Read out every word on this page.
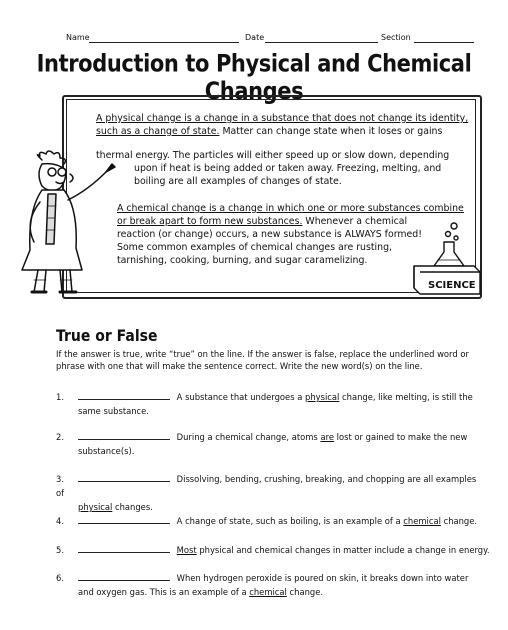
Name	Date	Section
Introduction to Physical and Chemical Changes
SCIENCE
A physical change is a change in a substance that does not change its identity, such as a change of state. Matter can change state when it loses or gains
thermal energy. The particles will either speed up or slow down, depending
upon if heat is being added or taken away. Freezing, melting, and
boiling are all examples of changes of state.
A chemical change is a change in which one or more substances combine
or break apart to form new substances. Whenever a chemical
reaction (or change) occurs, a new substance is ALWAYS formed!
Some common examples of chemical changes are rusting,
tarnishing, cooking, burning, and sugar caramelizing.
True or False
If the answer is true, write “true” on the line. If the answer is false, replace the underlined word or phrase with one that will make the sentence correct. Write the new word(s) on the line.
1.	A substance that undergoes a physical change, like melting, is still the
same substance.
2.	During a chemical change, atoms are lost or gained to make the new
substance(s).
3.	Dissolving, bending, crushing, breaking, and chopping are all examples of
physical changes.
4.	A change of state, such as boiling, is an example of a chemical change.
5.	Most physical and chemical changes in matter include a change in energy.
6.	When hydrogen peroxide is poured on skin, it breaks down into water
and oxygen gas. This is an example of a chemical change.
